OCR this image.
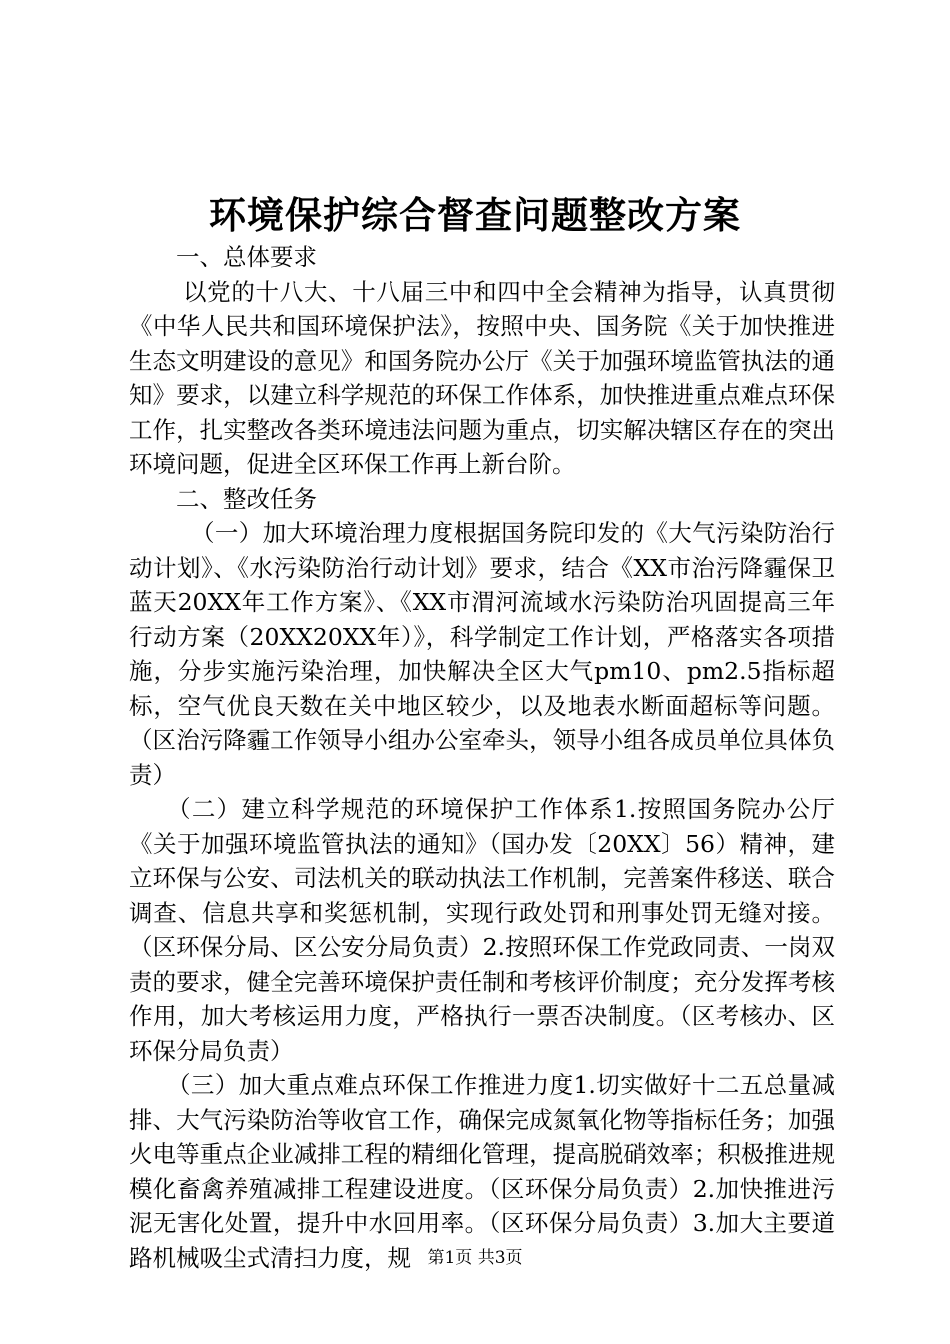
环境保护综合督查问题整改方案

一、总体要求

以党的十八大、十八届三中和四中全会精神为指导，认真贯彻《中华人民共和国环境保护法》，按照中央、国务院《关于加快推进生态文明建设的意见》和国务院办公厅《关于加强环境监管执法的通知》要求，以建立科学规范的环保工作体系，加快推进重点难点环保工作，扎实整改各类环境违法问题为重点，切实解决辖区存在的突出环境问题，促进全区环保工作再上新台阶。

二、整改任务

（一）加大环境治理力度根据国务院印发的《大气污染防治行动计划》、《水污染防治行动计划》要求，结合《XX市治污降霾保卫蓝天20XX年工作方案》、《XX市渭河流域水污染防治巩固提高三年行动方案（20XX20XX年）》，科学制定工作计划，严格落实各项措施，分步实施污染治理，加快解决全区大气pm10、pm2.5指标超标，空气优良天数在关中地区较少，以及地表水断面超标等问题。（区治污降霾工作领导小组办公室牵头，领导小组各成员单位具体负责）

（二）建立科学规范的环境保护工作体系1.按照国务院办公厅《关于加强环境监管执法的通知》（国办发〔20XX〕56）精神，建立环保与公安、司法机关的联动执法工作机制，完善案件移送、联合调查、信息共享和奖惩机制，实现行政处罚和刑事处罚无缝对接。（区环保分局、区公安分局负责）2.按照环保工作党政同责、一岗双责的要求，健全完善环境保护责任制和考核评价制度；充分发挥考核作用，加大考核运用力度，严格执行一票否决制度。（区考核办、区环保分局负责）

（三）加大重点难点环保工作推进力度1.切实做好十二五总量减排、大气污染防治等收官工作，确保完成氮氧化物等指标任务；加强火电等重点企业减排工程的精细化管理，提高脱硝效率；积极推进规模化畜禽养殖减排工程建设进度。（区环保分局负责）2.加快推进污泥无害化处置，提升中水回用率。（区环保分局负责）3.加大主要道路机械吸尘式清扫力度，规 第1页 共3页
